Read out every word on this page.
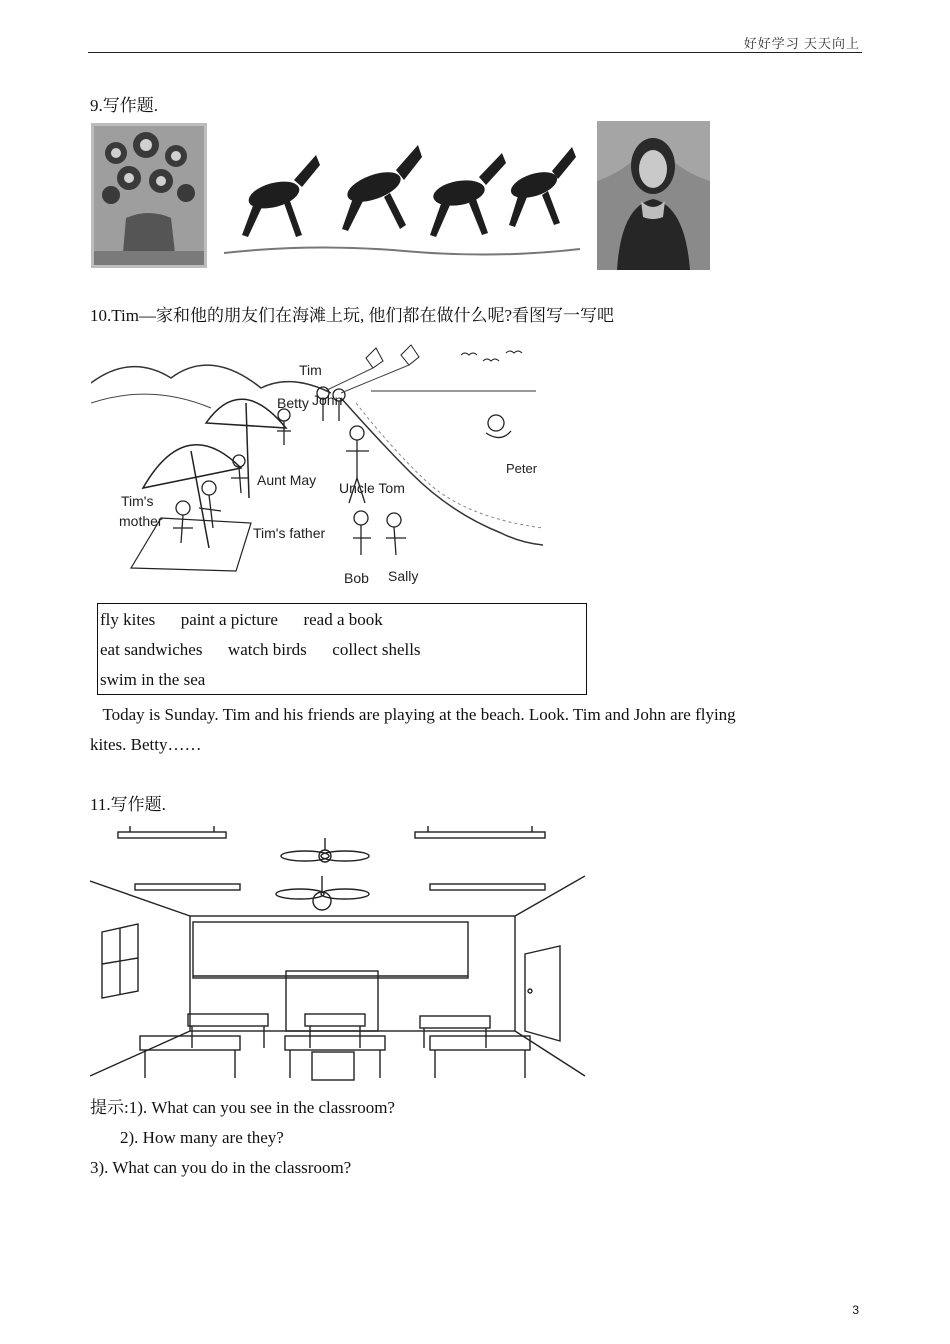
好好学习 天天向上
9.写作题.
10.Tim—家和他的朋友们在海滩上玩, 他们都在做什么呢?看图写一写吧
Tim
Betty John
Peter
Aunt May Uncle Tom
Tim's
mother
Tim's father
Bob Sally
fly kites      paint a picture      read a book
eat sandwiches      watch birds      collect shells
swim in the sea
Today is Sunday. Tim and his friends are playing at the beach. Look. Tim and John are flying
kites. Betty……
11.写作题.
提示:1). What can you see in the classroom?
2). How many are they?
3). What can you do in the classroom?
3
